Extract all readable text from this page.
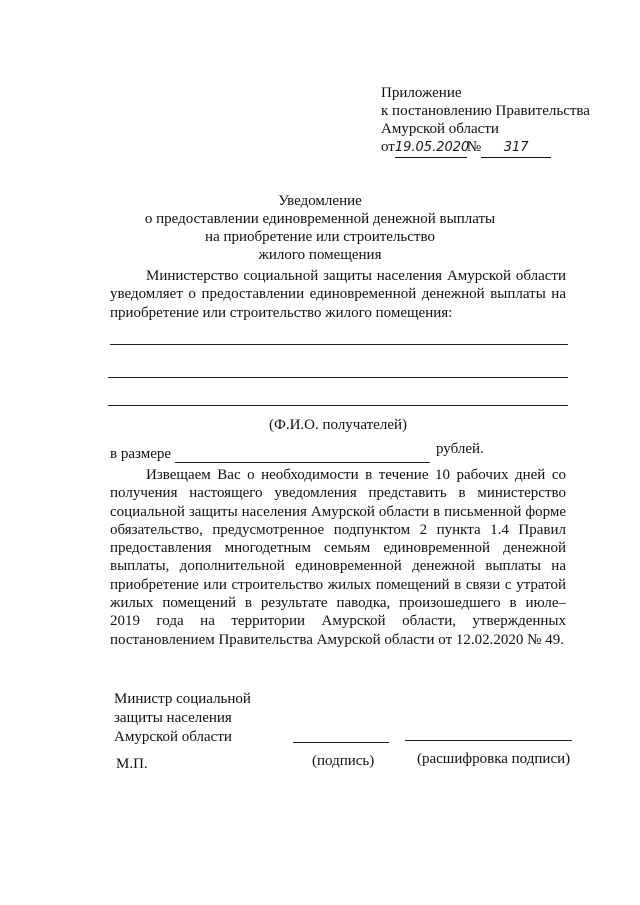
Приложение
к постановлению Правительства
Амурской области
от19.05.2020№ 317
Уведомление
о предоставлении единовременной денежной выплаты
на приобретение или строительство
жилого помещения
Министерство социальной защиты населения Амурской области
уведомляет о предоставлении единовременной денежной выплаты на
приобретение или строительство жилого помещения:
(Ф.И.О. получателей)
в размере	рублей.
Извещаем Вас о необходимости в течение 10 рабочих дней со
получения настоящего уведомления представить в министерство
социальной защиты населения Амурской области в письменной форме
обязательство, предусмотренное подпунктом 2 пункта 1.4 Правил
предоставления многодетным семьям единовременной денежной
выплаты, дополнительной единовременной денежной выплаты на
приобретение или строительство жилых помещений в связи с утратой
жилых помещений в результате паводка, произошедшего в июле–
2019 года на территории Амурской области, утвержденных
постановлением Правительства Амурской области от 12.02.2020 № 49.
Министр социальной
защиты населения
Амурской области
М.П.	(подпись)	(расшифровка подписи)
